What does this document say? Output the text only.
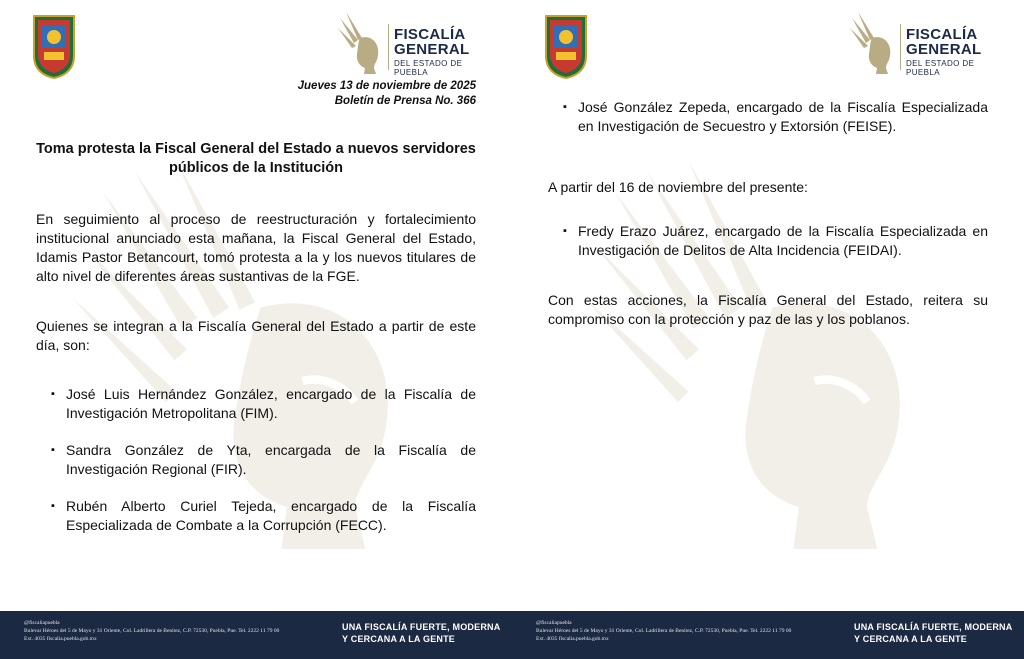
FISCALÍA
GENERAL
DEL ESTADO DE PUEBLA
Jueves 13 de noviembre de 2025
Boletín de Prensa No. 366
Toma protesta la Fiscal General del Estado a nuevos servidores públicos de la Institución
En seguimiento al proceso de reestructuración y fortalecimiento institucional anunciado esta mañana, la Fiscal General del Estado, Idamis Pastor Betancourt, tomó protesta a la y los nuevos titulares de alto nivel de diferentes áreas sustantivas de la FGE.
Quienes se integran a la Fiscalía General del Estado a partir de este día, son:
▪ José Luis Hernández González, encargado de la Fiscalía de Investigación Metropolitana (FIM).
▪ Sandra González de Yta, encargada de la Fiscalía de Investigación Regional (FIR).
▪ Rubén Alberto Curiel Tejeda, encargado de la Fiscalía Especializada de Combate a la Corrupción (FECC).
@fiscaliapuebla
Bulevar Héroes del 5 de Mayo y 31 Oriente, Col. Ladrillera de Benitez, C.P. 72530, Puebla, Pue. Tel. 2222 11 79 00 Ext. 4035 fiscalia.puebla.gob.mx
UNA FISCALÍA FUERTE, MODERNA
Y CERCANA A LA GENTE
FISCALÍA
GENERAL
DEL ESTADO DE PUEBLA
▪ José González Zepeda, encargado de la Fiscalía Especializada en Investigación de Secuestro y Extorsión (FEISE).
A partir del 16 de noviembre del presente:
▪ Fredy Erazo Juárez, encargado de la Fiscalía Especializada en Investigación de Delitos de Alta Incidencia (FEIDAI).
Con estas acciones, la Fiscalía General del Estado, reitera su compromiso con la protección y paz de las y los poblanos.
@fiscaliapuebla
Bulevar Héroes del 5 de Mayo y 31 Oriente, Col. Ladrillera de Benitez, C.P. 72530, Puebla, Pue. Tel. 2222 11 79 00 Ext. 4035 fiscalia.puebla.gob.mx
UNA FISCALÍA FUERTE, MODERNA
Y CERCANA A LA GENTE
